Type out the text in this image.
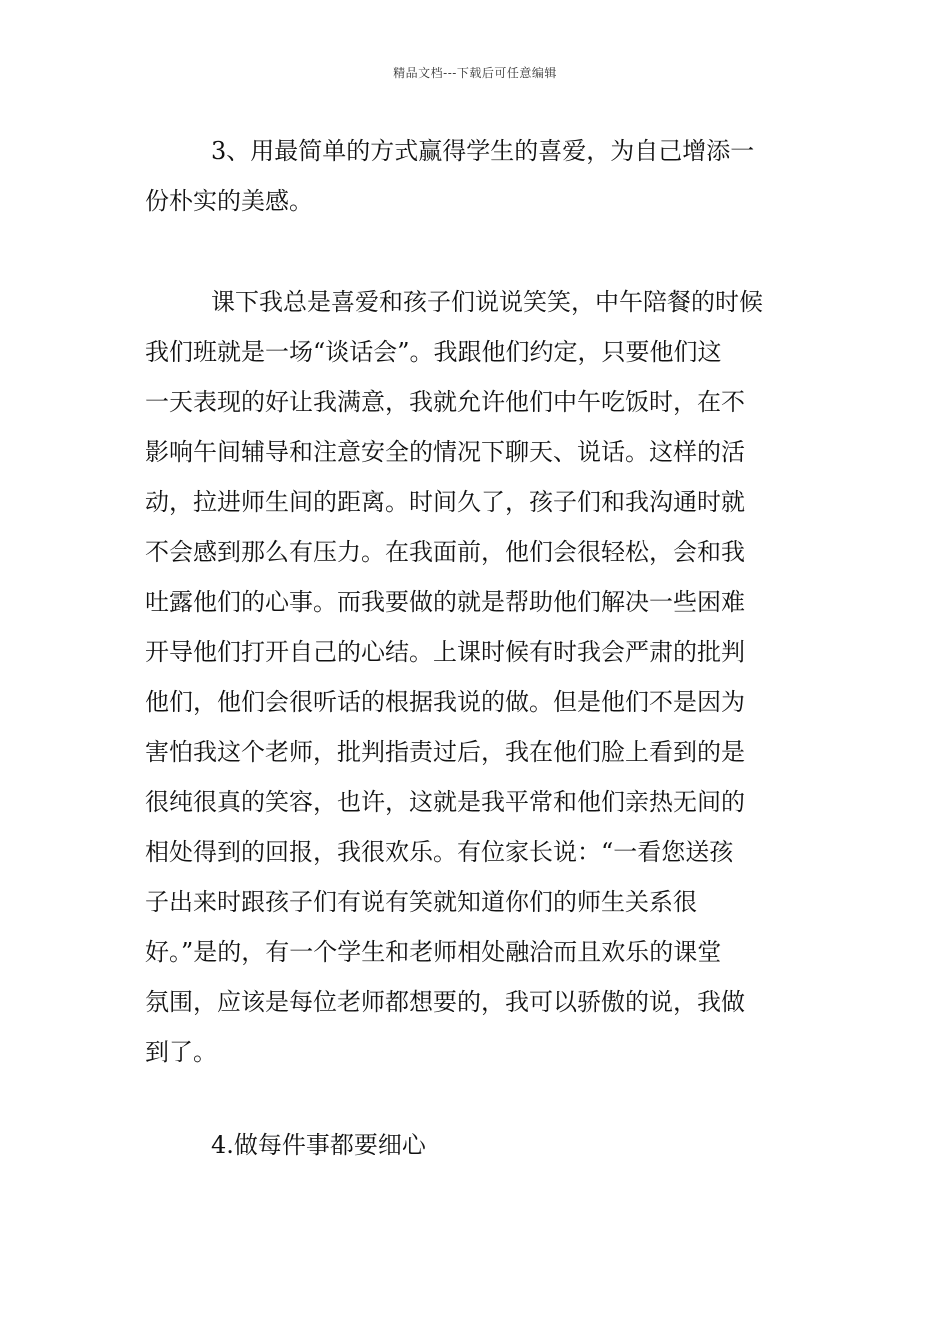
精品文档---下载后可任意编辑

3、用最简单的方式赢得学生的喜爱，为自己增添一
份朴实的美感。

课下我总是喜爱和孩子们说说笑笑，中午陪餐的时候
我们班就是一场“谈话会”。我跟他们约定，只要他们这
一天表现的好让我满意，我就允许他们中午吃饭时，在不
影响午间辅导和注意安全的情况下聊天、说话。这样的活
动，拉进师生间的距离。时间久了，孩子们和我沟通时就
不会感到那么有压力。在我面前，他们会很轻松，会和我
吐露他们的心事。而我要做的就是帮助他们解决一些困难
开导他们打开自己的心结。上课时候有时我会严肃的批判
他们，他们会很听话的根据我说的做。但是他们不是因为
害怕我这个老师，批判指责过后，我在他们脸上看到的是
很纯很真的笑容，也许，这就是我平常和他们亲热无间的
相处得到的回报，我很欢乐。有位家长说：“一看您送孩
子出来时跟孩子们有说有笑就知道你们的师生关系很
好。”是的，有一个学生和老师相处融洽而且欢乐的课堂
氛围，应该是每位老师都想要的，我可以骄傲的说，我做
到了。

4.做每件事都要细心
